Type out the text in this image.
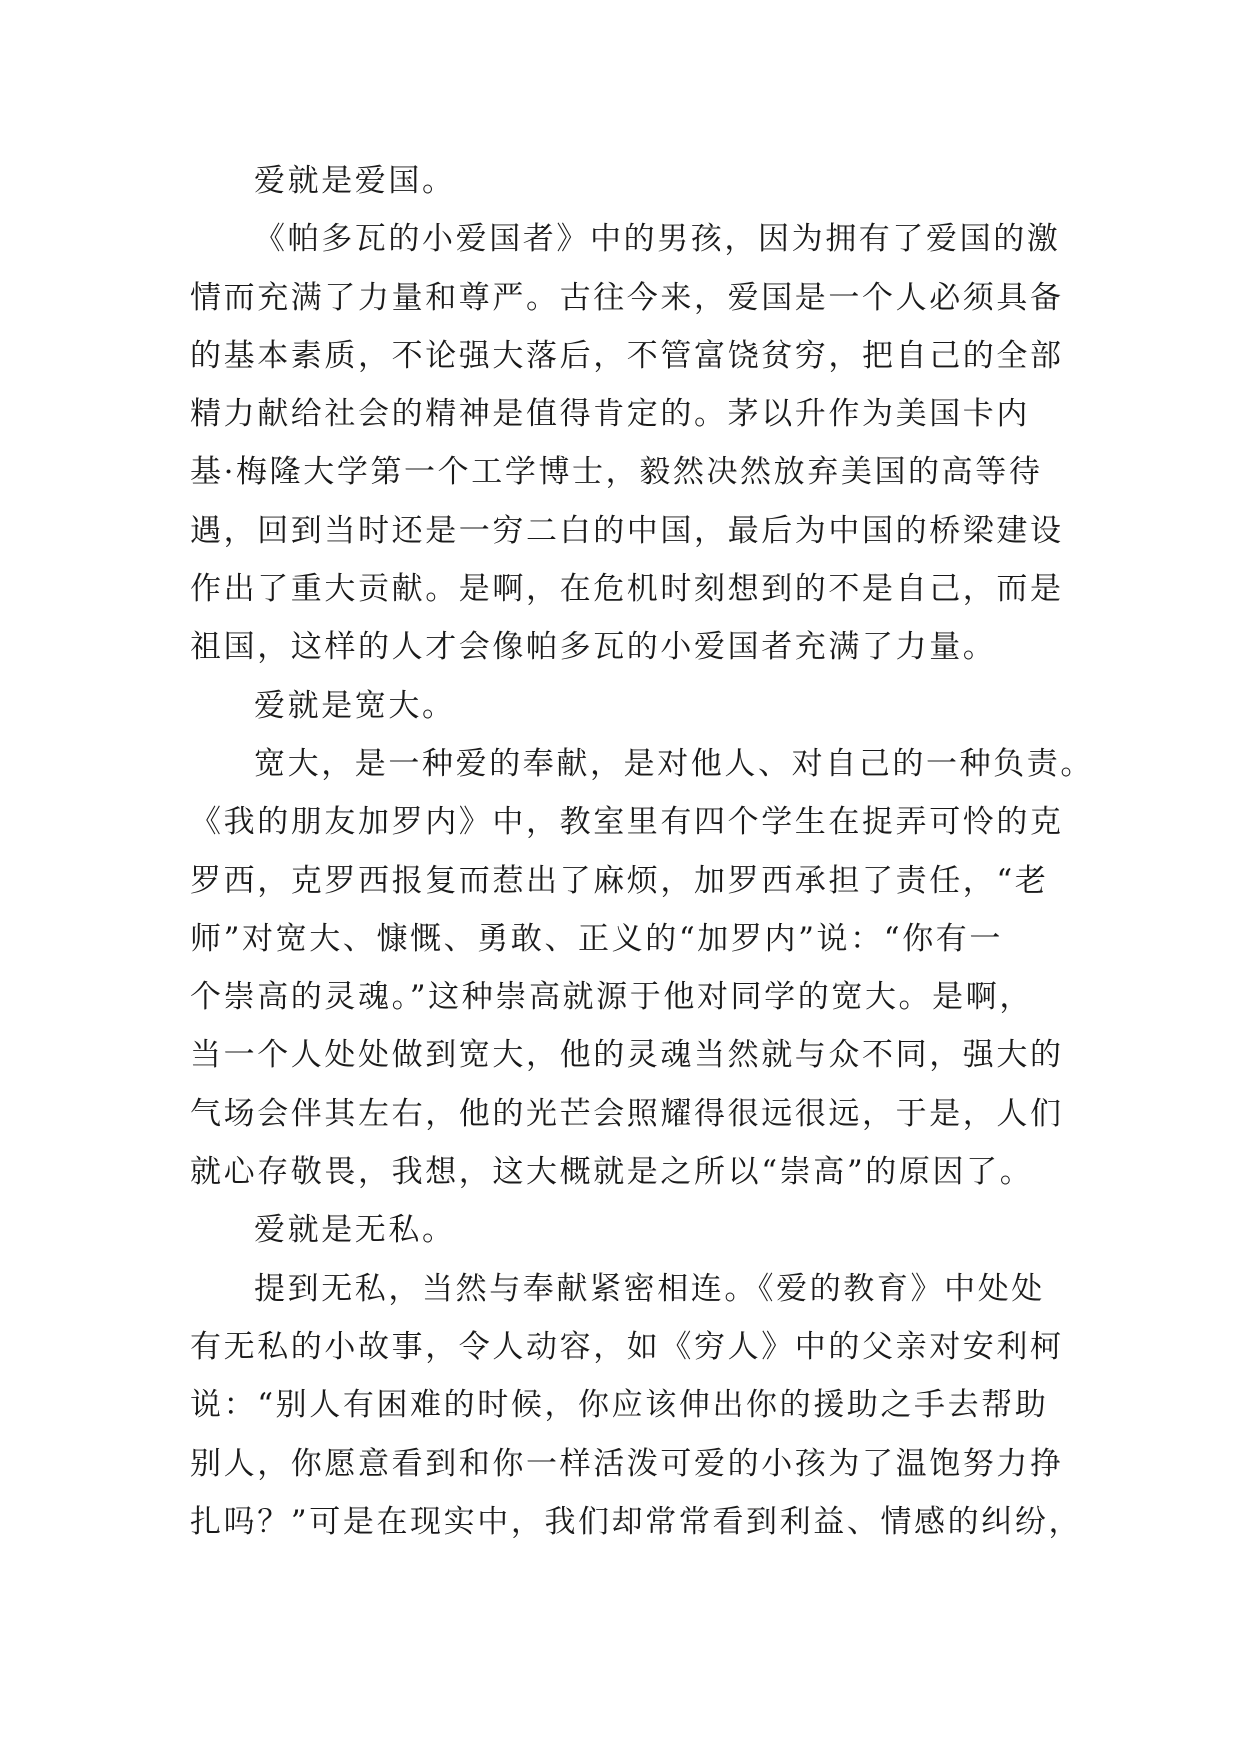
爱就是爱国。
《帕多瓦的小爱国者》中的男孩，因为拥有了爱国的激
情而充满了力量和尊严。古往今来，爱国是一个人必须具备
的基本素质，不论强大落后，不管富饶贫穷，把自己的全部
精力献给社会的精神是值得肯定的。茅以升作为美国卡内
基·梅隆大学第一个工学博士，毅然决然放弃美国的高等待
遇，回到当时还是一穷二白的中国，最后为中国的桥梁建设
作出了重大贡献。是啊，在危机时刻想到的不是自己，而是
祖国，这样的人才会像帕多瓦的小爱国者充满了力量。
爱就是宽大。
宽大，是一种爱的奉献，是对他人、对自己的一种负责。
《我的朋友加罗内》中，教室里有四个学生在捉弄可怜的克
罗西，克罗西报复而惹出了麻烦，加罗西承担了责任，“老
师”对宽大、慷慨、勇敢、正义的“加罗内”说：“你有一
个崇高的灵魂。”这种崇高就源于他对同学的宽大。是啊，
当一个人处处做到宽大，他的灵魂当然就与众不同，强大的
气场会伴其左右，他的光芒会照耀得很远很远，于是，人们
就心存敬畏，我想，这大概就是之所以“崇高”的原因了。
爱就是无私。
提到无私，当然与奉献紧密相连。《爱的教育》中处处
有无私的小故事，令人动容，如《穷人》中的父亲对安利柯
说：“别人有困难的时候，你应该伸出你的援助之手去帮助
别人，你愿意看到和你一样活泼可爱的小孩为了温饱努力挣
扎吗？”可是在现实中，我们却常常看到利益、情感的纠纷，
